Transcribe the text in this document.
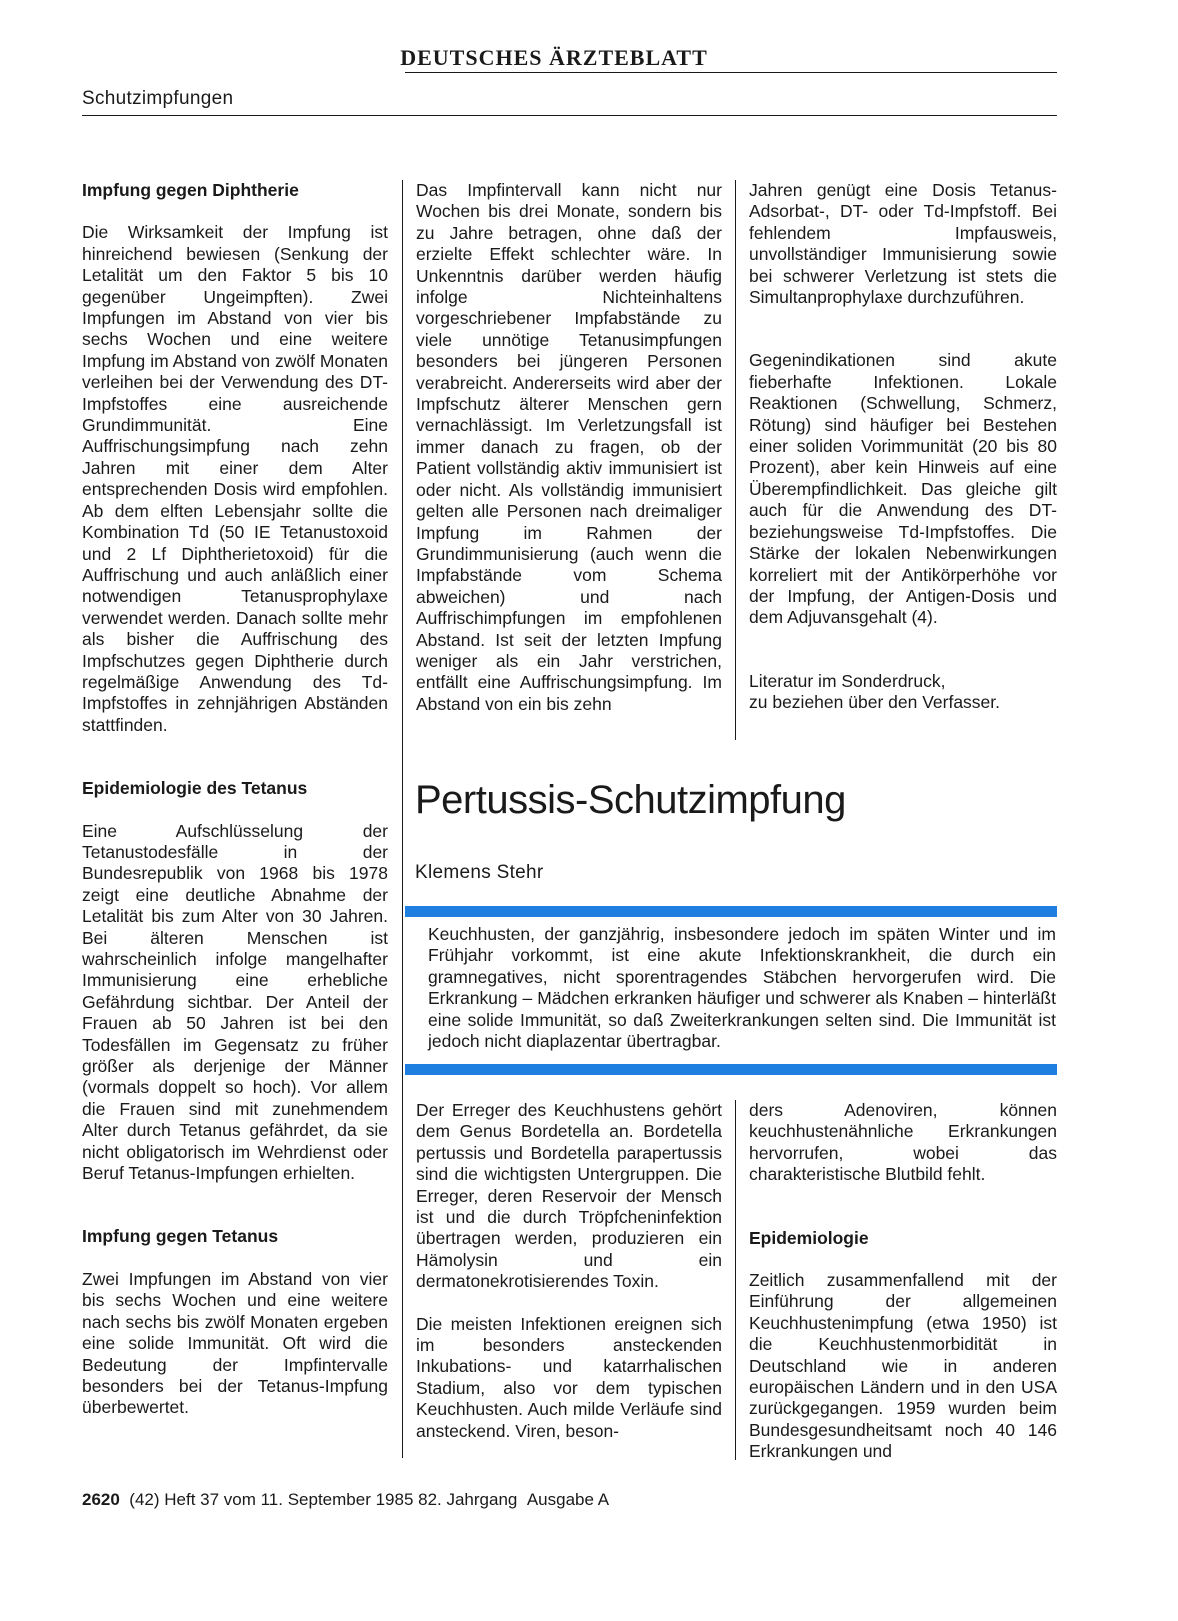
DEUTSCHES ÄRZTEBLATT
Schutzimpfungen
Impfung gegen Diphtherie

Die Wirksamkeit der Impfung ist hinreichend bewiesen (Senkung der Letalität um den Faktor 5 bis 10 gegenüber Ungeimpften). Zwei Impfungen im Abstand von vier bis sechs Wochen und eine weitere Impfung im Abstand von zwölf Monaten verleihen bei der Verwendung des DT-Impfstoffes eine ausreichende Grundimmunität. Eine Auffrischungsimpfung nach zehn Jahren mit einer dem Alter entsprechenden Dosis wird empfohlen. Ab dem elften Lebensjahr sollte die Kombination Td (50 IE Tetanustoxoid und 2 Lf Diphtherietoxoid) für die Auffrischung und auch anläßlich einer notwendigen Tetanusprophylaxe verwendet werden. Danach sollte mehr als bisher die Auffrischung des Impfschutzes gegen Diphtherie durch regelmäßige Anwendung des Td-Impfstoffes in zehnjährigen Abständen stattfinden.

Epidemiologie des Tetanus

Eine Aufschlüsselung der Tetanustodesfälle in der Bundesrepublik von 1968 bis 1978 zeigt eine deutliche Abnahme der Letalität bis zum Alter von 30 Jahren. Bei älteren Menschen ist wahrscheinlich infolge mangelhafter Immunisierung eine erhebliche Gefährdung sichtbar. Der Anteil der Frauen ab 50 Jahren ist bei den Todesfällen im Gegensatz zu früher größer als derjenige der Männer (vormals doppelt so hoch). Vor allem die Frauen sind mit zunehmendem Alter durch Tetanus gefährdet, da sie nicht obligatorisch im Wehrdienst oder Beruf Tetanus-Impfungen erhielten.

Impfung gegen Tetanus

Zwei Impfungen im Abstand von vier bis sechs Wochen und eine weitere nach sechs bis zwölf Monaten ergeben eine solide Immunität. Oft wird die Bedeutung der Impfintervalle besonders bei der Tetanus-Impfung überbewertet.

Das Impfintervall kann nicht nur Wochen bis drei Monate, sondern bis zu Jahre betragen, ohne daß der erzielte Effekt schlechter wäre. In Unkenntnis darüber werden häufig infolge Nichteinhaltens vorgeschriebener Impfabstände zu viele unnötige Tetanusimpfungen besonders bei jüngeren Personen verabreicht. Andererseits wird aber der Impfschutz älterer Menschen gern vernachlässigt. Im Verletzungsfall ist immer danach zu fragen, ob der Patient vollständig aktiv immunisiert ist oder nicht. Als vollständig immunisiert gelten alle Personen nach dreimaliger Impfung im Rahmen der Grundimmunisierung (auch wenn die Impfabstände vom Schema abweichen) und nach Auffrischimpfungen im empfohlenen Abstand. Ist seit der letzten Impfung weniger als ein Jahr verstrichen, entfällt eine Auffrischungsimpfung. Im Abstand von ein bis zehn

Jahren genügt eine Dosis Tetanus-Adsorbat-, DT- oder Td-Impfstoff. Bei fehlendem Impfausweis, unvollständiger Immunisierung sowie bei schwerer Verletzung ist stets die Simultanprophylaxe durchzuführen.

Gegenindikationen sind akute fieberhafte Infektionen. Lokale Reaktionen (Schwellung, Schmerz, Rötung) sind häufiger bei Bestehen einer soliden Vorimmunität (20 bis 80 Prozent), aber kein Hinweis auf eine Überempfindlichkeit. Das gleiche gilt auch für die Anwendung des DT- beziehungsweise Td-Impfstoffes. Die Stärke der lokalen Nebenwirkungen korreliert mit der Antikörperhöhe vor der Impfung, der Antigen-Dosis und dem Adjuvansgehalt (4).

Literatur im Sonderdruck,
zu beziehen über den Verfasser.
Pertussis-Schutzimpfung
Klemens Stehr

Keuchhusten, der ganzjährig, insbesondere jedoch im späten Winter und im Frühjahr vorkommt, ist eine akute Infektionskrankheit, die durch ein gramnegatives, nicht sporentragendes Stäbchen hervorgerufen wird. Die Erkrankung – Mädchen erkranken häufiger und schwerer als Knaben – hinterläßt eine solide Immunität, so daß Zweiterkrankungen selten sind. Die Immunität ist jedoch nicht diaplazentar übertragbar.

Der Erreger des Keuchhustens gehört dem Genus Bordetella an. Bordetella pertussis und Bordetella parapertussis sind die wichtigsten Untergruppen. Die Erreger, deren Reservoir der Mensch ist und die durch Tröpfcheninfektion übertragen werden, produzieren ein Hämolysin und ein dermatonekrotisierendes Toxin.

Die meisten Infektionen ereignen sich im besonders ansteckenden Inkubations- und katarrhalischen Stadium, also vor dem typischen Keuchhusten. Auch milde Verläufe sind ansteckend. Viren, beson-

ders Adenoviren, können keuchhustenähnliche Erkrankungen hervorrufen, wobei das charakteristische Blutbild fehlt.

Epidemiologie

Zeitlich zusammenfallend mit der Einführung der allgemeinen Keuchhustenimpfung (etwa 1950) ist die Keuchhustenmorbidität in Deutschland wie in anderen europäischen Ländern und in den USA zurückgegangen. 1959 wurden beim Bundesgesundheitsamt noch 40 146 Erkrankungen und

2620 (42) Heft 37 vom 11. September 1985 82. Jahrgang Ausgabe A
